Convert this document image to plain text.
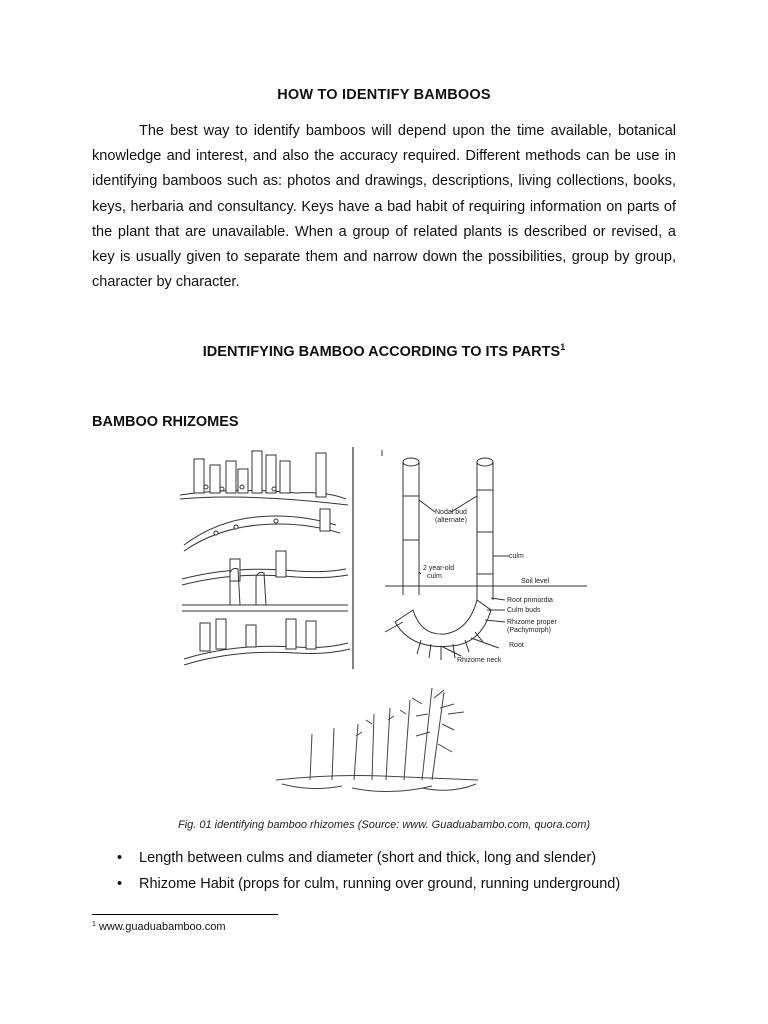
HOW TO IDENTIFY BAMBOOS
The best way to identify bamboos will depend upon the time available, botanical knowledge and interest, and also the accuracy required. Different methods can be use in identifying bamboos such as: photos and drawings, descriptions, living collections, books, keys, herbaria and consultancy. Keys have a bad habit of requiring information on parts of the plant that are unavailable. When a group of related plants is described or revised, a key is usually given to separate them and narrow down the possibilities, group by group, character by character.
IDENTIFYING BAMBOO ACCORDING TO ITS PARTS$^1$
BAMBOO RHIZOMES
Nodal bud
(alternate)
culm
2 year-old
culm
Soil level
Root primordia
Culm buds
Rhizome proper
(Pachymorph)
Root
Rhizome neck
Fig. 01 identifying bamboo rhizomes (Source: www. Guaduabambo.com, quora.com)
• Length between culms and diameter (short and thick, long and slender)
• Rhizome Habit (props for culm, running over ground, running underground)
$^1$ www.guaduabamboo.com
